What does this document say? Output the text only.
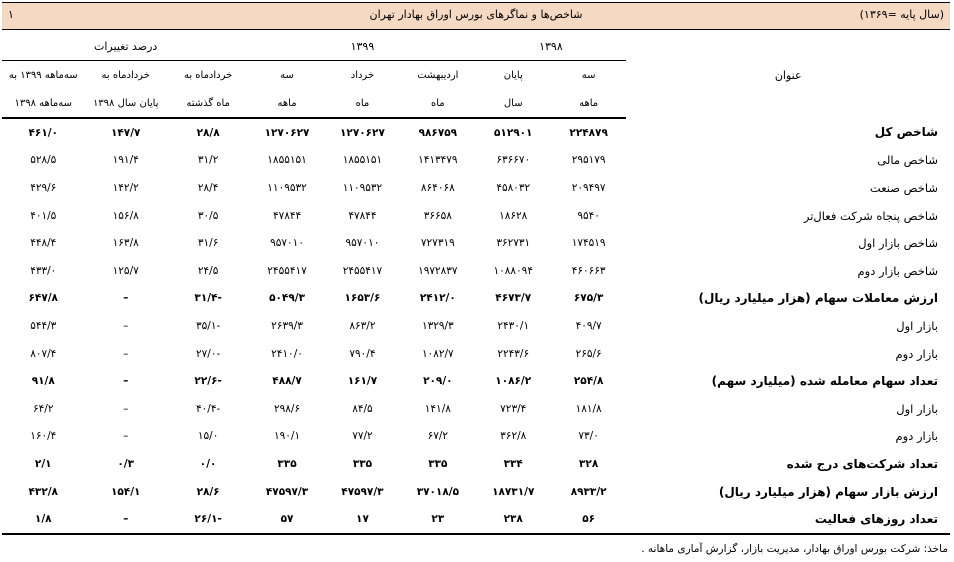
۱	شاخص‌ها و نماگرهای بورس اوراق بهادار تهران	(سال پایه =۱۳۶۹)
عنوان	۱۳۹۸		۱۳۹۹			درصد تغییرات		
	سه	پایان	اردیبهشت	خرداد	سه	خردادماه به	خردادماه به	سه‌ماهه ۱۳۹۹ به
	ماهه	سال	ماه	ماه	ماهه	ماه گذشته	پایان سال ۱۳۹۸	سه‌ماهه ۱۳۹۸
شاخص کل	۲۲۴۸۷۹	۵۱۲۹۰۱	۹۸۶۷۵۹	۱۲۷۰۶۲۷	۱۲۷۰۶۲۷	۲۸/۸	۱۴۷/۷	۴۶۱/۰
شاخص مالی	۲۹۵۱۷۹	۶۳۶۶۷۰	۱۴۱۳۴۷۹	۱۸۵۵۱۵۱	۱۸۵۵۱۵۱	۳۱/۲	۱۹۱/۴	۵۲۸/۵
شاخص صنعت	۲۰۹۴۹۷	۴۵۸۰۳۲	۸۶۴۰۶۸	۱۱۰۹۵۳۲	۱۱۰۹۵۳۲	۲۸/۴	۱۴۲/۲	۴۲۹/۶
شاخص پنجاه شرکت فعال‌تر	۹۵۴۰	۱۸۶۲۸	۳۶۶۵۸	۴۷۸۴۴	۴۷۸۴۴	۳۰/۵	۱۵۶/۸	۴۰۱/۵
شاخص بازار اول	۱۷۴۵۱۹	۳۶۲۷۳۱	۷۲۷۳۱۹	۹۵۷۰۱۰	۹۵۷۰۱۰	۳۱/۶	۱۶۳/۸	۴۴۸/۴
شاخص بازار دوم	۴۶۰۶۶۳	۱۰۸۸۰۹۴	۱۹۷۲۸۳۷	۲۴۵۵۴۱۷	۲۴۵۵۴۱۷	۲۴/۵	۱۲۵/۷	۴۳۳/۰
ارزش معاملات سهام (هزار میلیارد ریال)	۶۷۵/۳	۴۶۷۳/۷	۲۴۱۲/۰	۱۶۵۳/۶	۵۰۴۹/۳	-۳۱/۴	–	۶۴۷/۸
بازار اول	۴۰۹/۷	۲۴۳۰/۱	۱۳۲۹/۳	۸۶۳/۲	۲۶۳۹/۳	-۳۵/۱	–	۵۴۴/۳
بازار دوم	۲۶۵/۶	۲۲۴۳/۶	۱۰۸۲/۷	۷۹۰/۴	۲۴۱۰/۰	-۲۷/۰	–	۸۰۷/۴
تعداد سهام معامله شده (میلیارد سهم)	۲۵۴/۸	۱۰۸۶/۲	۲۰۹/۰	۱۶۱/۷	۴۸۸/۷	-۲۲/۶	–	۹۱/۸
بازار اول	۱۸۱/۸	۷۲۳/۴	۱۴۱/۸	۸۴/۵	۲۹۸/۶	-۴۰/۴	–	۶۴/۲
بازار دوم	۷۳/۰	۳۶۲/۸	۶۷/۲	۷۷/۲	۱۹۰/۱	۱۵/۰	–	۱۶۰/۴
تعداد شرکت‌های درج شده	۳۲۸	۳۳۴	۳۳۵	۳۳۵	۳۳۵	۰/۰	۰/۳	۲/۱
ارزش بازار سهام (هزار میلیارد ریال)	۸۹۳۳/۲	۱۸۷۳۱/۷	۳۷۰۱۸/۵	۴۷۵۹۷/۳	۴۷۵۹۷/۳	۲۸/۶	۱۵۴/۱	۴۳۲/۸
تعداد روزهای فعالیت	۵۶	۲۳۸	۲۳	۱۷	۵۷	-۲۶/۱	–	۱/۸
ماخذ: شرکت بورس اوراق بهادار، مدیریت بازار، گزارش آماری ماهانه .
